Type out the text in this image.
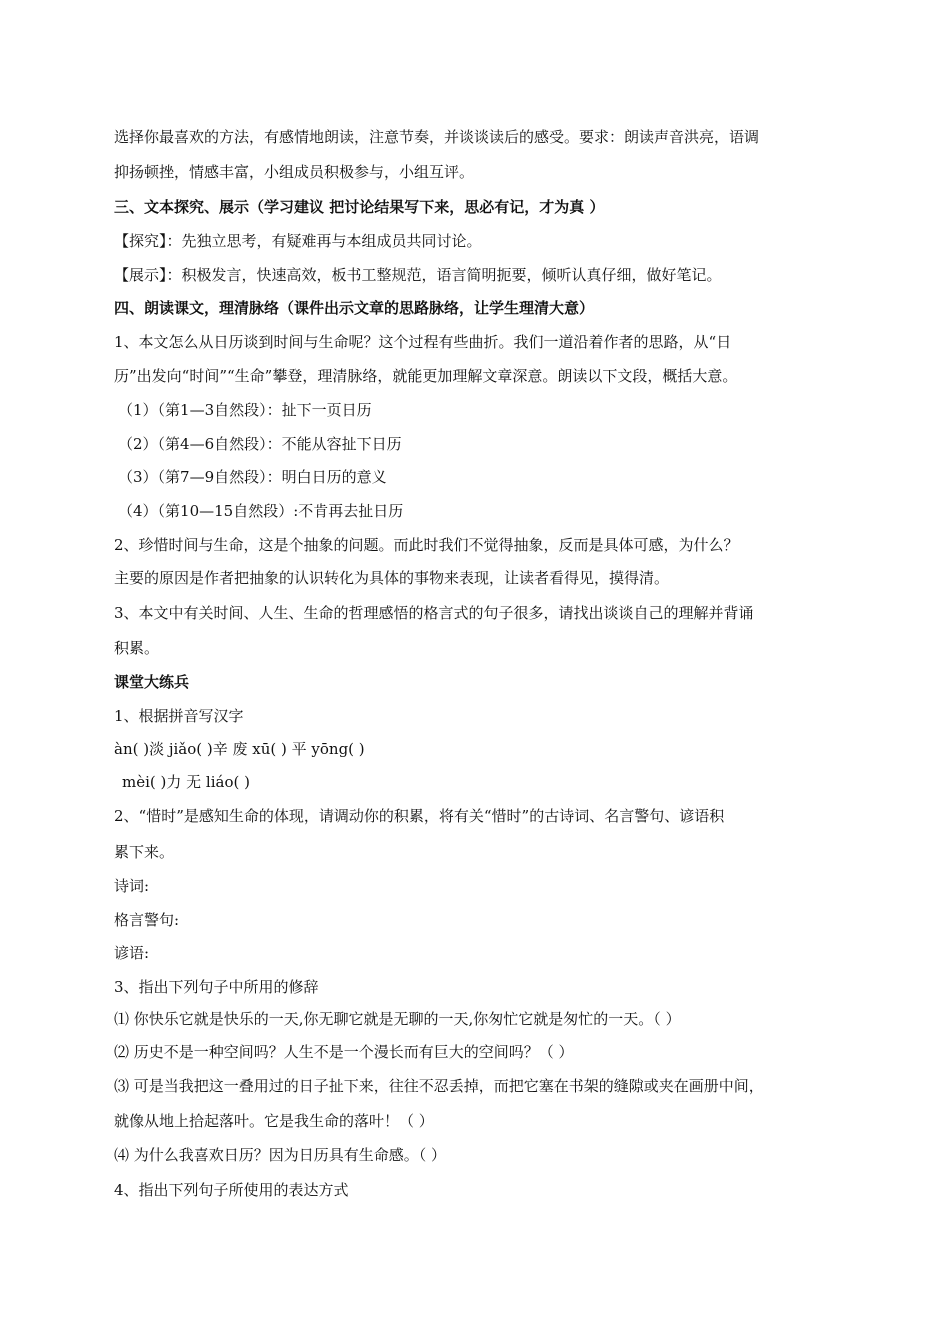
选择你最喜欢的方法，有感情地朗读，注意节奏，并谈谈读后的感受。要求：朗读声音洪亮，语调
抑扬顿挫，情感丰富，小组成员积极参与，小组互评。
三、文本探究、展示（学习建议 把讨论结果写下来，思必有记，才为真 ）
【探究】：先独立思考，有疑难再与本组成员共同讨论。
【展示】：积极发言，快速高效，板书工整规范，语言简明扼要，倾听认真仔细，做好笔记。
四、朗读课文，理清脉络（课件出示文章的思路脉络，让学生理清大意）
1、本文怎么从日历谈到时间与生命呢？这个过程有些曲折。我们一道沿着作者的思路，从“日
历”出发向“时间”“生命”攀登，理清脉络，就能更加理解文章深意。朗读以下文段，概括大意。
（1）（第1—3自然段）：扯下一页日历
（2）（第4—6自然段）：不能从容扯下日历
（3）（第7—9自然段）：明白日历的意义
（4）（第10—15自然段）:不肯再去扯日历
2、珍惜时间与生命，这是个抽象的问题。而此时我们不觉得抽象，反而是具体可感，为什么？
主要的原因是作者把抽象的认识转化为具体的事物来表现，让读者看得见，摸得清。
3、本文中有关时间、人生、生命的哲理感悟的格言式的句子很多，请找出谈谈自己的理解并背诵
积累。
课堂大练兵
1、根据拼音写汉字
àn( )淡 jiǎo( )辛 废 xū( ) 平 yōng( )
mèi( )力 无 liáo( )
2、“惜时”是感知生命的体现，请调动你的积累，将有关“惜时”的古诗词、名言警句、谚语积
累下来。
诗词:
格言警句:
谚语:
3、指出下列句子中所用的修辞
⑴ 你快乐它就是快乐的一天,你无聊它就是无聊的一天,你匆忙它就是匆忙的一天。（ ）
⑵ 历史不是一种空间吗？人生不是一个漫长而有巨大的空间吗？（ ）
⑶ 可是当我把这一叠用过的日子扯下来，往往不忍丢掉，而把它塞在书架的缝隙或夹在画册中间，
就像从地上拾起落叶。它是我生命的落叶！（ ）
⑷ 为什么我喜欢日历？因为日历具有生命感。（ ）
4、指出下列句子所使用的表达方式
